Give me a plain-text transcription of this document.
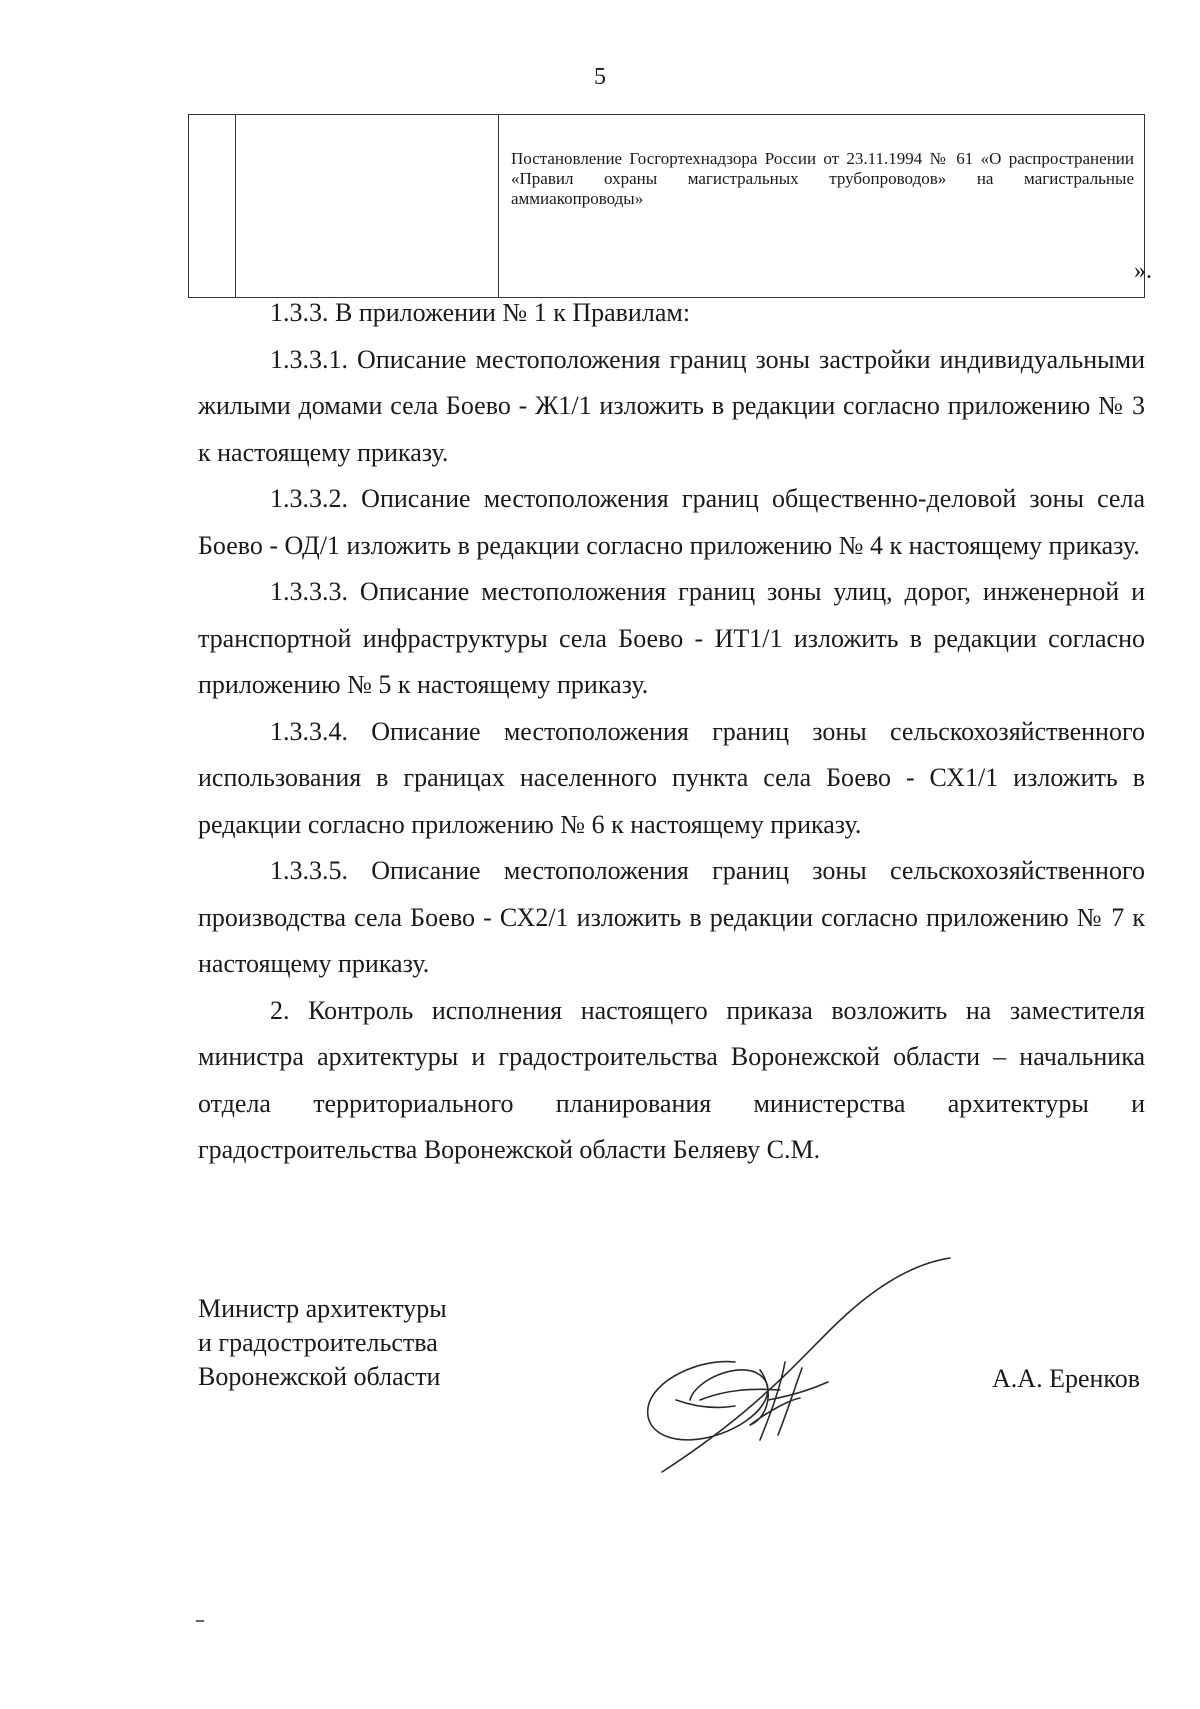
5
		Постановление Госгортехнадзора России от 23.11.1994 № 61 «О распространении «Правил охраны магистральных трубопроводов» на магистральные аммиакопроводы»
».

1.3.3. В приложении № 1 к Правилам:

1.3.3.1. Описание местоположения границ зоны застройки индивидуальными жилыми домами села Боево - Ж1/1 изложить в редакции согласно приложению № 3 к настоящему приказу.

1.3.3.2. Описание местоположения границ общественно-деловой зоны села Боево - ОД/1 изложить в редакции согласно приложению № 4 к настоящему приказу.

1.3.3.3. Описание местоположения границ зоны улиц, дорог, инженерной и транспортной инфраструктуры села Боево - ИТ1/1 изложить в редакции согласно приложению № 5 к настоящему приказу.

1.3.3.4. Описание местоположения границ зоны сельскохозяйственного использования в границах населенного пункта села Боево - СХ1/1 изложить в редакции согласно приложению № 6 к настоящему приказу.

1.3.3.5. Описание местоположения границ зоны сельскохозяйственного производства села Боево - СХ2/1 изложить в редакции согласно приложению № 7 к настоящему приказу.

2. Контроль исполнения настоящего приказа возложить на заместителя министра архитектуры и градостроительства Воронежской области – начальника отдела территориального планирования министерства архитектуры и градостроительства Воронежской области Беляеву С.М.

Министр архитектуры
и градостроительства
Воронежской области	А.А. Еренков
